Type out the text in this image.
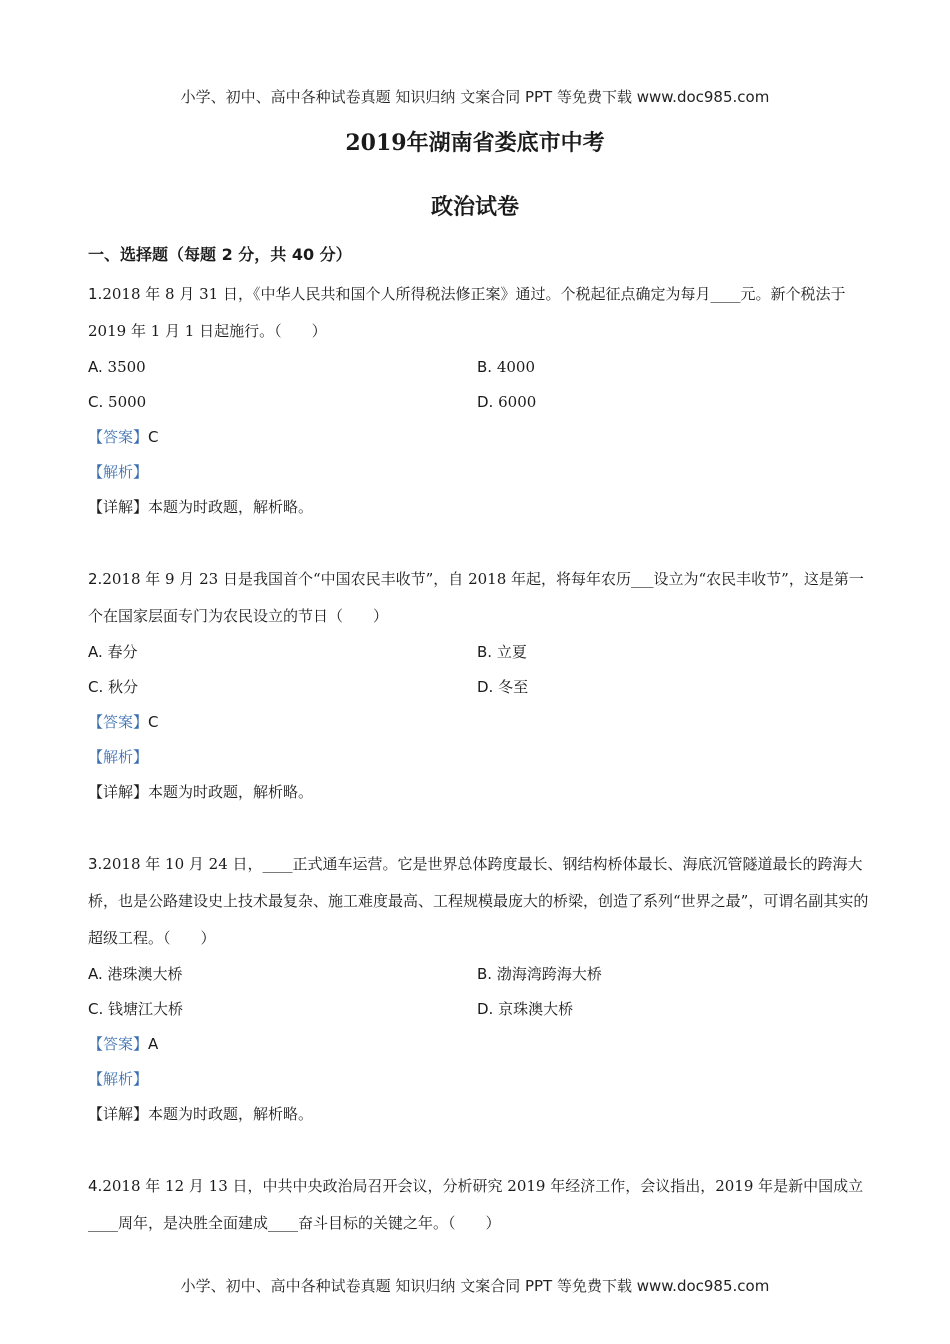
小学、初中、高中各种试卷真题 知识归纳 文案合同 PPT 等免费下载 www.doc985.com
2019年湖南省娄底市中考
政治试卷
一、选择题（每题 2 分，共 40 分）
1.2018 年 8 月 31 日，《中华人民共和国个人所得税法修正案》通过。个税起征点确定为每月____元。新个税法于 2019 年 1 月 1 日起施行。（　　）
A. 3500	B. 4000
C. 5000	D. 6000
【答案】C
【解析】
【详解】本题为时政题，解析略。
2.2018 年 9 月 23 日是我国首个“中国农民丰收节”，自 2018 年起，将每年农历___设立为“农民丰收节”，这是第一个在国家层面专门为农民设立的节日（　　）
A. 春分	B. 立夏
C. 秋分	D. 冬至
【答案】C
【解析】
【详解】本题为时政题，解析略。
3.2018 年 10 月 24 日，____正式通车运营。它是世界总体跨度最长、钢结构桥体最长、海底沉管隧道最长的跨海大桥，也是公路建设史上技术最复杂、施工难度最高、工程规模最庞大的桥梁，创造了系列“世界之最”，可谓名副其实的超级工程。（　　）
A. 港珠澳大桥	B. 渤海湾跨海大桥
C. 钱塘江大桥	D. 京珠澳大桥
【答案】A
【解析】
【详解】本题为时政题，解析略。
4.2018 年 12 月 13 日，中共中央政治局召开会议，分析研究 2019 年经济工作，会议指出，2019 年是新中国成立____周年，是决胜全面建成____奋斗目标的关键之年。（　　）
小学、初中、高中各种试卷真题 知识归纳 文案合同 PPT 等免费下载 www.doc985.com
